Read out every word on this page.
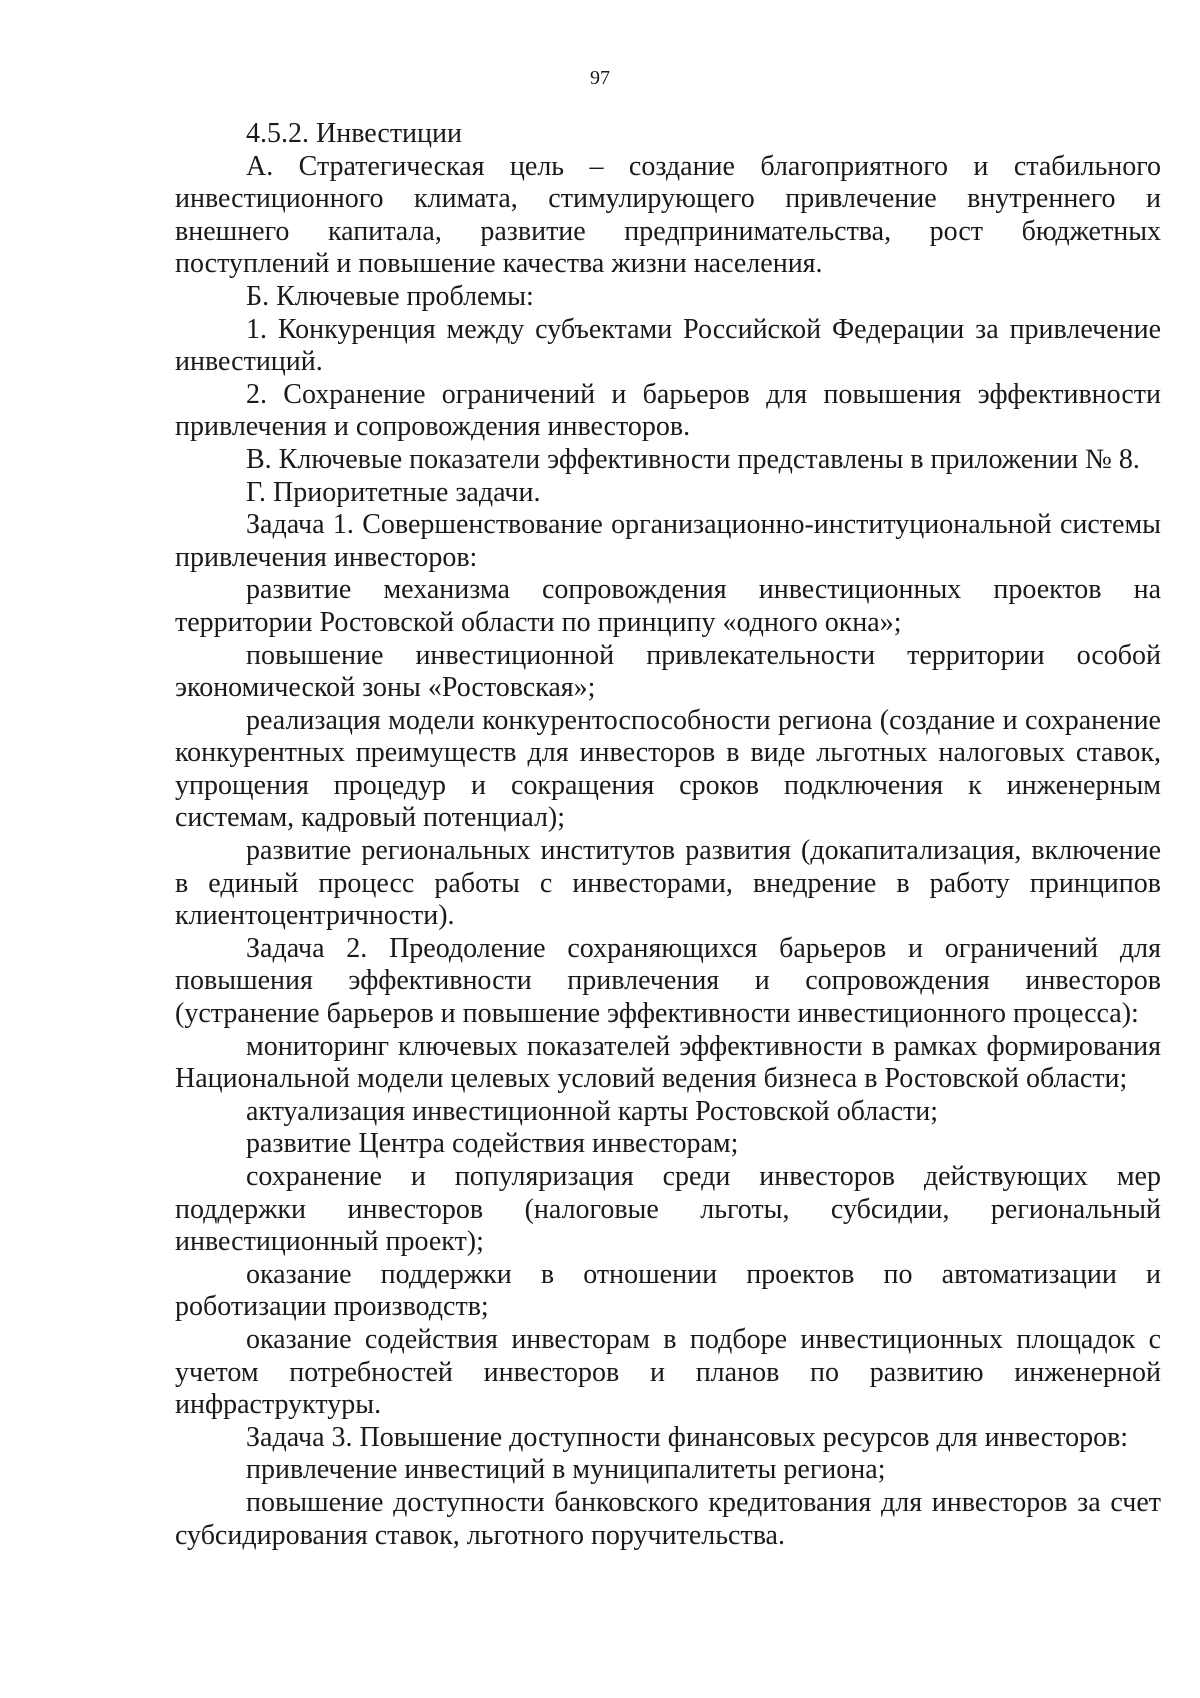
97

4.5.2. Инвестиции

А. Стратегическая цель – создание благоприятного и стабильного инвестиционного климата, стимулирующего привлечение внутреннего и внешнего капитала, развитие предпринимательства, рост бюджетных поступлений и повышение качества жизни населения.

Б. Ключевые проблемы:

1. Конкуренция между субъектами Российской Федерации за привлечение инвестиций.

2. Сохранение ограничений и барьеров для повышения эффективности привлечения и сопровождения инвесторов.

В. Ключевые показатели эффективности представлены в приложении № 8.

Г. Приоритетные задачи.

Задача 1. Совершенствование организационно-институциональной системы привлечения инвесторов:

развитие механизма сопровождения инвестиционных проектов на территории Ростовской области по принципу «одного окна»;

повышение инвестиционной привлекательности территории особой экономической зоны «Ростовская»;

реализация модели конкурентоспособности региона (создание и сохранение конкурентных преимуществ для инвесторов в виде льготных налоговых ставок, упрощения процедур и сокращения сроков подключения к инженерным системам, кадровый потенциал);

развитие региональных институтов развития (докапитализация, включение в единый процесс работы с инвесторами, внедрение в работу принципов клиентоцентричности).

Задача 2. Преодоление сохраняющихся барьеров и ограничений для повышения эффективности привлечения и сопровождения инвесторов (устранение барьеров и повышение эффективности инвестиционного процесса):

мониторинг ключевых показателей эффективности в рамках формирования Национальной модели целевых условий ведения бизнеса в Ростовской области;

актуализация инвестиционной карты Ростовской области;

развитие Центра содействия инвесторам;

сохранение и популяризация среди инвесторов действующих мер поддержки инвесторов (налоговые льготы, субсидии, региональный инвестиционный проект);

оказание поддержки в отношении проектов по автоматизации и роботизации производств;

оказание содействия инвесторам в подборе инвестиционных площадок с учетом потребностей инвесторов и планов по развитию инженерной инфраструктуры.

Задача 3. Повышение доступности финансовых ресурсов для инвесторов:

привлечение инвестиций в муниципалитеты региона;

повышение доступности банковского кредитования для инвесторов за счет субсидирования ставок, льготного поручительства.
